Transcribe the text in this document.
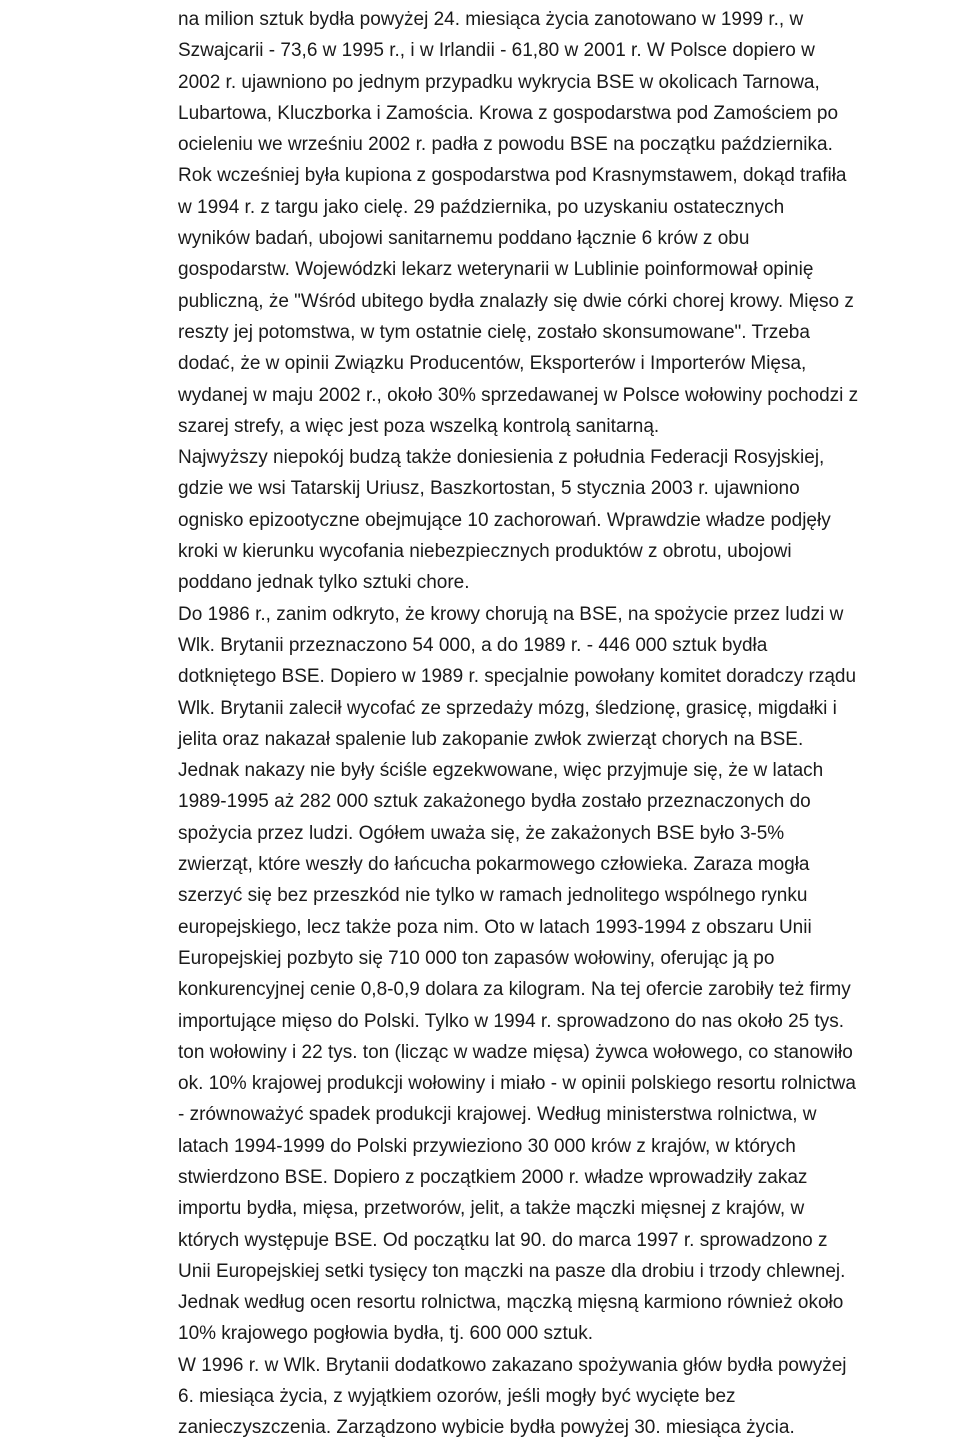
na milion sztuk bydła powyżej 24. miesiąca życia zanotowano w 1999 r., w

Szwajcarii - 73,6 w 1995 r., i w Irlandii - 61,80 w 2001 r. W Polsce dopiero w

2002 r. ujawniono po jednym przypadku wykrycia BSE w okolicach Tarnowa,

Lubartowa, Kluczborka i Zamościa. Krowa z gospodarstwa pod Zamościem po

ocieleniu we wrześniu 2002 r. padła z powodu BSE na początku października.

Rok wcześniej była kupiona z gospodarstwa pod Krasnymstawem, dokąd trafiła

w 1994 r. z targu jako cielę. 29 października, po uzyskaniu ostatecznych

wyników badań, ubojowi sanitarnemu poddano łącznie 6 krów z obu

gospodarstw. Wojewódzki lekarz weterynarii w Lublinie poinformował opinię

publiczną, że "Wśród ubitego bydła znalazły się dwie córki chorej krowy. Mięso z

reszty jej potomstwa, w tym ostatnie cielę, zostało skonsumowane". Trzeba

dodać, że w opinii Związku Producentów, Eksporterów i Importerów Mięsa,

wydanej w maju 2002 r., około 30% sprzedawanej w Polsce wołowiny pochodzi z

szarej strefy, a więc jest poza wszelką kontrolą sanitarną.

Najwyższy niepokój budzą także doniesienia z południa Federacji Rosyjskiej,

gdzie we wsi Tatarskij Uriusz, Baszkortostan, 5 stycznia 2003 r. ujawniono

ognisko epizootyczne obejmujące 10 zachorowań. Wprawdzie władze podjęły

kroki w kierunku wycofania niebezpiecznych produktów z obrotu, ubojowi

poddano jednak tylko sztuki chore.

Do 1986 r., zanim odkryto, że krowy chorują na BSE, na spożycie przez ludzi w

Wlk. Brytanii przeznaczono 54 000, a do 1989 r. - 446 000 sztuk bydła

dotkniętego BSE. Dopiero w 1989 r. specjalnie powołany komitet doradczy rządu

Wlk. Brytanii zalecił wycofać ze sprzedaży mózg, śledzionę, grasicę, migdałki i

jelita oraz nakazał spalenie lub zakopanie zwłok zwierząt chorych na BSE.

Jednak nakazy nie były ściśle egzekwowane, więc przyjmuje się, że w latach

1989-1995 aż 282 000 sztuk zakażonego bydła zostało przeznaczonych do

spożycia przez ludzi. Ogółem uważa się, że zakażonych BSE było 3-5%

zwierząt, które weszły do łańcucha pokarmowego człowieka. Zaraza mogła

szerzyć się bez przeszkód nie tylko w ramach jednolitego wspólnego rynku

europejskiego, lecz także poza nim. Oto w latach 1993-1994 z obszaru Unii

Europejskiej pozbyto się 710 000 ton zapasów wołowiny, oferując ją po

konkurencyjnej cenie 0,8-0,9 dolara za kilogram. Na tej ofercie zarobiły też firmy

importujące mięso do Polski. Tylko w 1994 r. sprowadzono do nas około 25 tys.

ton wołowiny i 22 tys. ton (licząc w wadze mięsa) żywca wołowego, co stanowiło

ok. 10% krajowej produkcji wołowiny i miało - w opinii polskiego resortu rolnictwa

- zrównoważyć spadek produkcji krajowej. Według ministerstwa rolnictwa, w

latach 1994-1999 do Polski przywieziono 30 000 krów z krajów, w których

stwierdzono BSE. Dopiero z początkiem 2000 r. władze wprowadziły zakaz

importu bydła, mięsa, przetworów, jelit, a także mączki mięsnej z krajów, w

których występuje BSE. Od początku lat 90. do marca 1997 r. sprowadzono z

Unii Europejskiej setki tysięcy ton mączki na pasze dla drobiu i trzody chlewnej.

Jednak według ocen resortu rolnictwa, mączką mięsną karmiono również około

10% krajowego pogłowia bydła, tj. 600 000 sztuk.

W 1996 r. w Wlk. Brytanii dodatkowo zakazano spożywania głów bydła powyżej

6. miesiąca życia, z wyjątkiem ozorów, jeśli mogły być wycięte bez

zanieczyszczenia. Zarządzono wybicie bydła powyżej 30. miesiąca życia.
